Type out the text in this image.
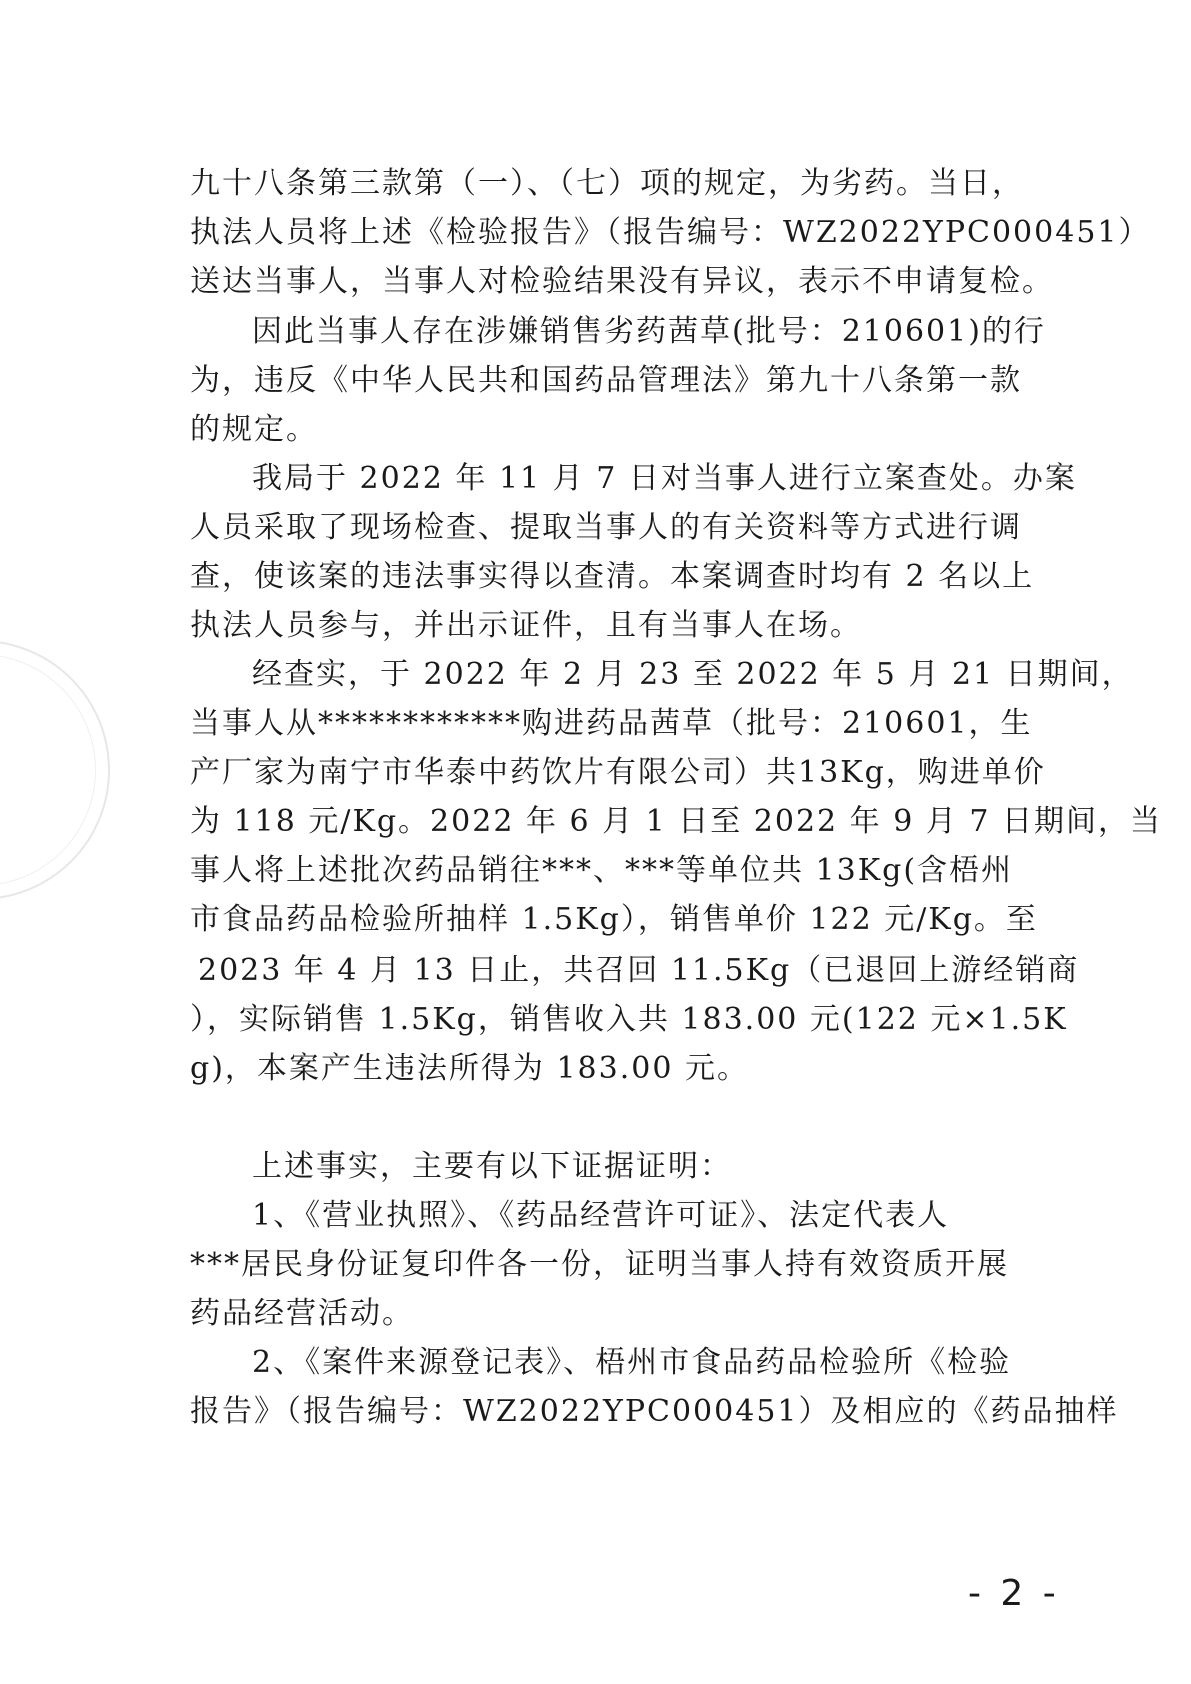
九十八条第三款第（一）、（七）项的规定，为劣药。当日，
执法人员将上述《检验报告》（报告编号：WZ2022YPC000451）
送达当事人，当事人对检验结果没有异议，表示不申请复检。
因此当事人存在涉嫌销售劣药茜草(批号：210601)的行
为，违反《中华人民共和国药品管理法》第九十八条第一款
的规定。
我局于 2022 年 11 月 7 日对当事人进行立案查处。办案
人员采取了现场检查、提取当事人的有关资料等方式进行调
查，使该案的违法事实得以查清。本案调查时均有 2 名以上
执法人员参与，并出示证件，且有当事人在场。
经查实，于 2022 年 2 月 23 至 2022 年 5 月 21 日期间，
当事人从************购进药品茜草（批号：210601，生
产厂家为南宁市华泰中药饮片有限公司）共13Kg，购进单价
为 118 元/Kg。2022 年 6 月 1 日至 2022 年 9 月 7 日期间，当
事人将上述批次药品销往***、***等单位共 13Kg(含梧州
市食品药品检验所抽样 1.5Kg），销售单价 122 元/Kg。至
2023 年 4 月 13 日止，共召回 11.5Kg（已退回上游经销商
），实际销售 1.5Kg，销售收入共 183.00 元(122 元×1.5K
g)，本案产生违法所得为 183.00 元。
上述事实，主要有以下证据证明：
1、《营业执照》、《药品经营许可证》、法定代表人
***居民身份证复印件各一份，证明当事人持有效资质开展
药品经营活动。
2、《案件来源登记表》、梧州市食品药品检验所《检验
报告》（报告编号：WZ2022YPC000451）及相应的《药品抽样
- 2 -
